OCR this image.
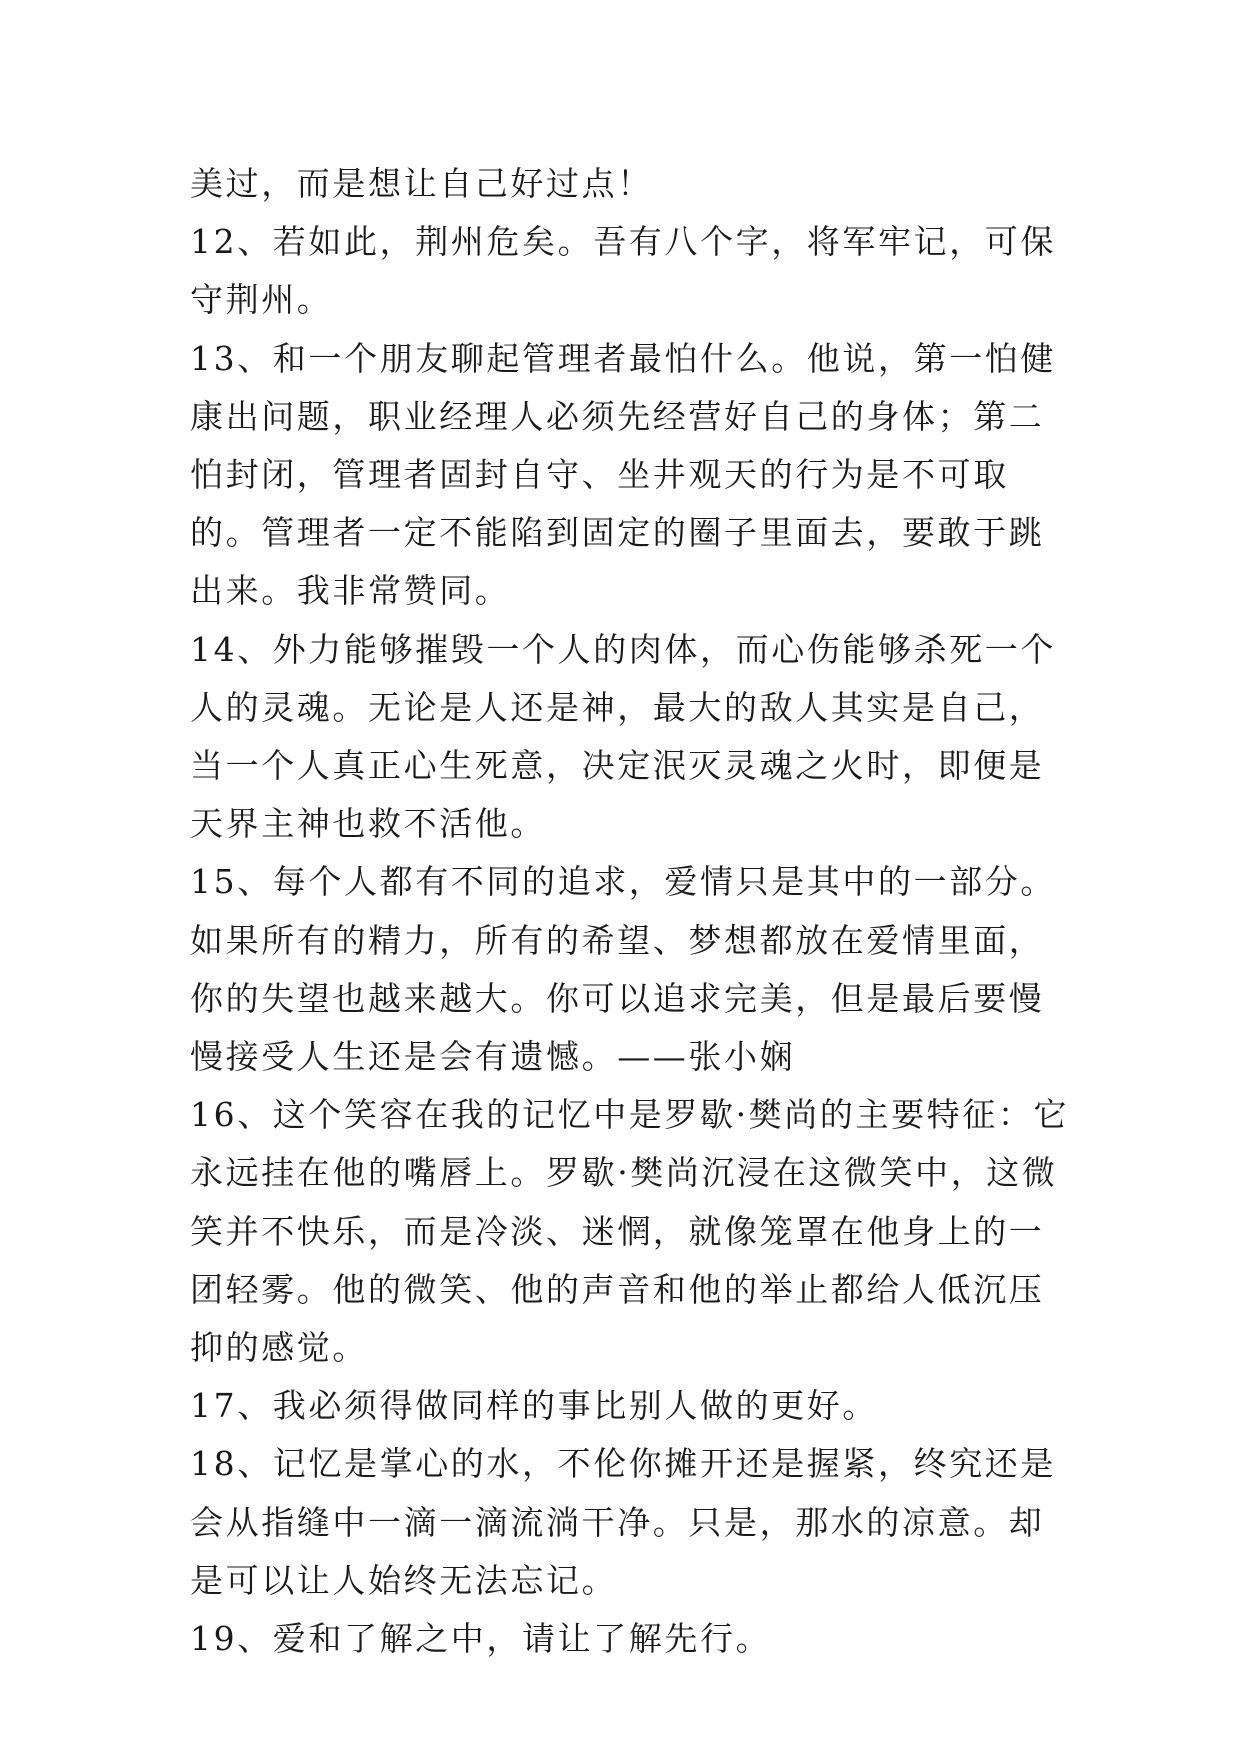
美过，而是想让自己好过点！

12、若如此，荆州危矣。吾有八个字，将军牢记，可保守荆州。

13、和一个朋友聊起管理者最怕什么。他说，第一怕健康出问题，职业经理人必须先经营好自己的身体；第二怕封闭，管理者固封自守、坐井观天的行为是不可取的。管理者一定不能陷到固定的圈子里面去，要敢于跳出来。我非常赞同。

14、外力能够摧毁一个人的肉体，而心伤能够杀死一个人的灵魂。无论是人还是神，最大的敌人其实是自己，当一个人真正心生死意，决定泯灭灵魂之火时，即便是天界主神也救不活他。

15、每个人都有不同的追求，爱情只是其中的一部分。如果所有的精力，所有的希望、梦想都放在爱情里面，你的失望也越来越大。你可以追求完美，但是最后要慢慢接受人生还是会有遗憾。——张小娴

16、这个笑容在我的记忆中是罗歇·樊尚的主要特征：它永远挂在他的嘴唇上。罗歇·樊尚沉浸在这微笑中，这微笑并不快乐，而是冷淡、迷惘，就像笼罩在他身上的一团轻雾。他的微笑、他的声音和他的举止都给人低沉压抑的感觉。

17、我必须得做同样的事比别人做的更好。

18、记忆是掌心的水，不伦你摊开还是握紧，终究还是会从指缝中一滴一滴流淌干净。只是，那水的凉意。却是可以让人始终无法忘记。

19、爱和了解之中，请让了解先行。
